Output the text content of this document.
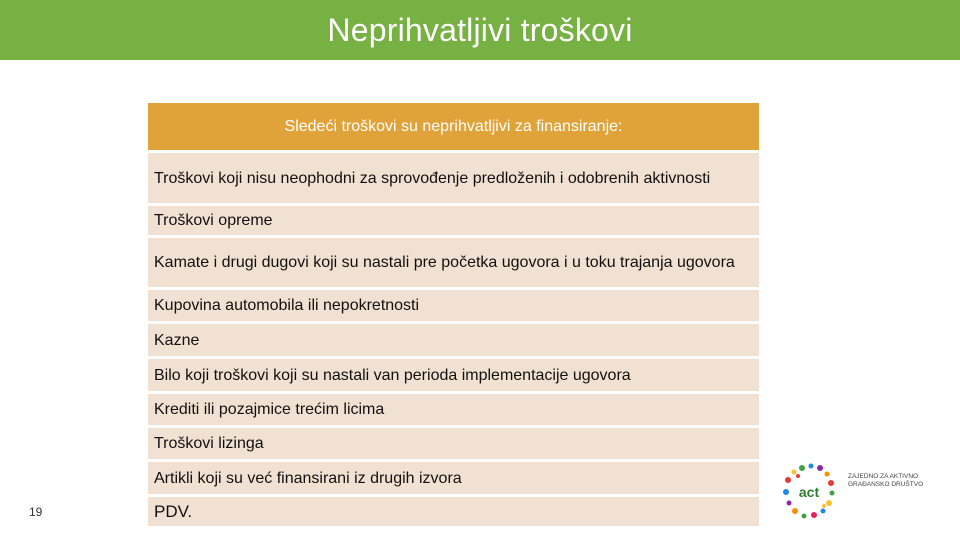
Neprihvatljivi troškovi
Sledeći troškovi su neprihvatljivi za finansiranje:
Troškovi koji nisu neophodni za sprovođenje predloženih i odobrenih aktivnosti
Troškovi opreme
Kamate i drugi dugovi koji su nastali pre početka ugovora i u toku trajanja ugovora
Kupovina automobila ili nepokretnosti
Kazne
Bilo koji troškovi koji su nastali van perioda implementacije ugovora
Krediti ili pozajmice trećim licima
Troškovi lizinga
Artikli koji su već finansirani iz drugih izvora
PDV.
19
act
ZAJEDNO ZA AKTIVNO GRAĐANSKO DRUŠTVO
